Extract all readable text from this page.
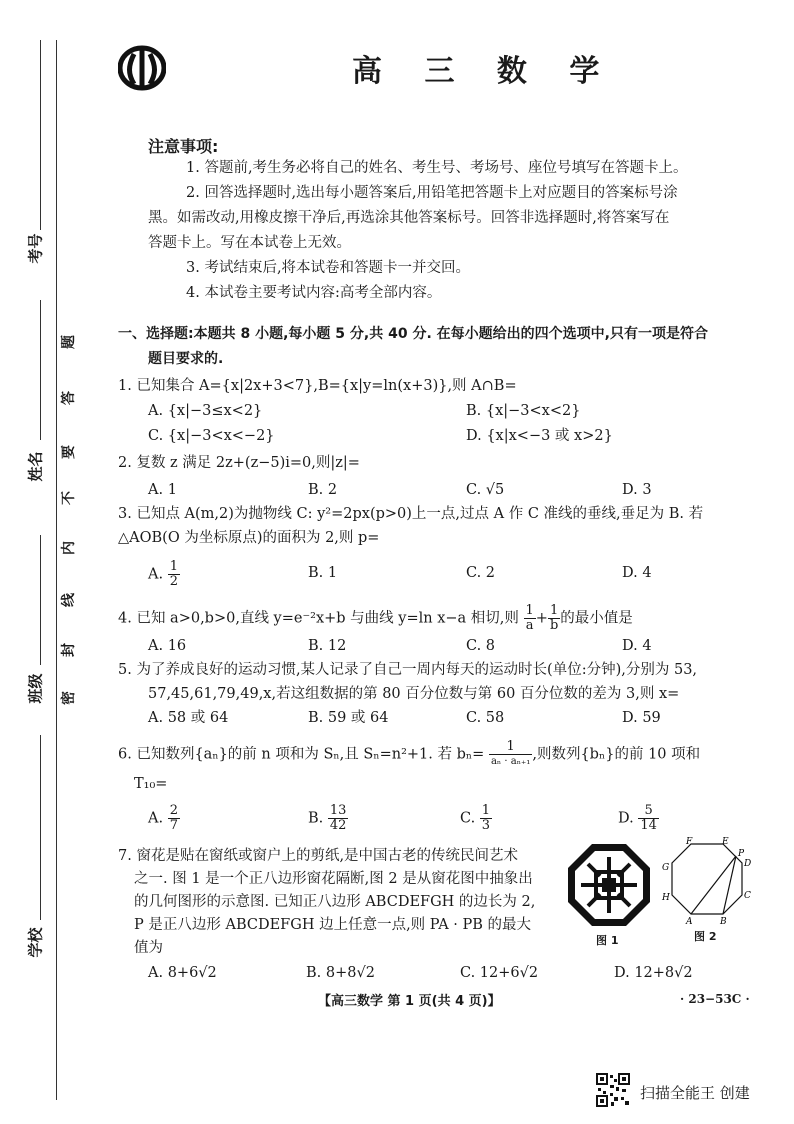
考号
姓名
班级
学校
题
答
要
不
内
线
封
密
高 三 数 学
注意事项:
1. 答题前,考生务必将自己的姓名、考生号、考场号、座位号填写在答题卡上。
2. 回答选择题时,选出每小题答案后,用铅笔把答题卡上对应题目的答案标号涂
黑。如需改动,用橡皮擦干净后,再选涂其他答案标号。回答非选择题时,将答案写在
答题卡上。写在本试卷上无效。
3. 考试结束后,将本试卷和答题卡一并交回。
4. 本试卷主要考试内容:高考全部内容。
一、选择题:本题共 8 小题,每小题 5 分,共 40 分. 在每小题给出的四个选项中,只有一项是符合
题目要求的.
1. 已知集合 A={x|2x+3<7},B={x|y=ln(x+3)},则 A∩B=
A. {x|−3≤x<2}	B. {x|−3<x<2}
C. {x|−3<x<−2}	D. {x|x<−3 或 x>2}
2. 复数 z 满足 2z+(z−5)i=0,则|z|=
A. 1	B. 2	C. √5	D. 3
3. 已知点 A(m,2)为抛物线 C: y²=2px(p>0)上一点,过点 A 作 C 准线的垂线,垂足为 B. 若
△AOB(O 为坐标原点)的面积为 2,则 p=
A. $\frac{1}{2}$	B. 1	C. 2	D. 4
4. 已知 a>0,b>0,直线 y=e⁻²x+b 与曲线 y=ln x−a 相切,则 $\frac{1}{a} + \frac{1}{b}$ 的最小值是
A. 16	B. 12	C. 8	D. 4
5. 为了养成良好的运动习惯,某人记录了自己一周内每天的运动时长(单位:分钟),分别为 53,
57,45,61,79,49,x,若这组数据的第 80 百分位数与第 60 百分位数的差为 3,则 x=
A. 58 或 64	B. 59 或 64	C. 58	D. 59
6. 已知数列{aₙ}的前 n 项和为 Sₙ,且 Sₙ=n²+1. 若 $b_n= \frac{1}{\text{aₙ · aₙ₊₁}}$ ,则数列{bₙ}的前 10 项和
T₁₀=
A. $\frac{2}{7}$	B. $\frac{13}{42}$	C. $\frac{1}{3}$	D. $\frac{5}{14}$
7. 窗花是贴在窗纸或窗户上的剪纸,是中国古老的传统民间艺术
之一. 图 1 是一个正八边形窗花隔断,图 2 是从窗花图中抽象出
的几何图形的示意图. 已知正八边形 ABCDEFGH 的边长为 2,
P 是正八边形 ABCDEFGH 边上任意一点,则 PA · PB 的最大
值为
A. 8+6√2	B. 8+8√2	C. 12+6√2	D. 12+8√2
图 1
F	E
P
D
G
C
H
A	B
图 2
【高三数学 第 1 页(共 4 页)】	· 23−53C ·
扫描全能王 创建
